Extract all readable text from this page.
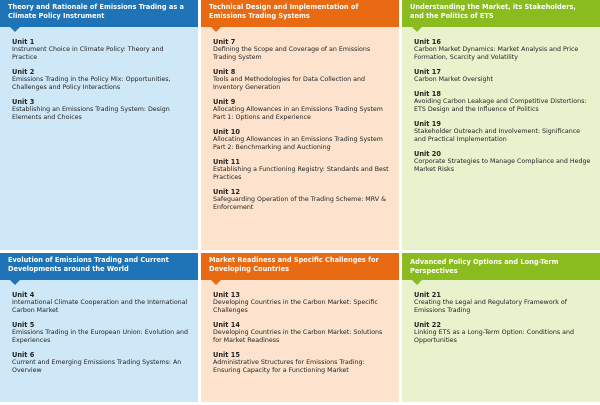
Theory and Rationale of Emissions Trading as a Climate Policy Instrument
Unit 1
Instrument Choice in Climate Policy: Theory and Practice
Unit 2
Emissions Trading in the Policy Mix: Opportunities, Challenges and Policy Interactions
Unit 3
Establishing an Emissions Trading System: Design Elements and Choices
Technical Design and Implementation of Emissions Trading Systems
Unit 7
Defining the Scope and Coverage of an Emissions Trading System
Unit 8
Tools and Methodologies for Data Collection and Inventory Generation
Unit 9
Allocating Allowances in an Emissions Trading System Part 1: Options and Experience
Unit 10
Allocating Allowances in an Emissions Trading System Part 2: Benchmarking and Auctioning
Unit 11
Establishing a Functioning Registry: Standards and Best Practices
Unit 12
Safeguarding Operation of the Trading Scheme: MRV & Enforcement
Understanding the Market, its Stakeholders, and the Politics of ETS
Unit 16
Carbon Market Dynamics: Market Analysis and Price Formation, Scarcity and Volatility
Unit 17
Carbon Market Oversight
Unit 18
Avoiding Carbon Leakage and Competitive Distortions: ETS Design and the Influence of Politics
Unit 19
Stakeholder Outreach and Involvement: Significance and Practical Implementation
Unit 20
Corporate Strategies to Manage Compliance and Hedge Market Risks
Evolution of Emissions Trading and Current Developments around the World
Unit 4
International Climate Cooperation and the International Carbon Market
Unit 5
Emissions Trading in the European Union: Evolution and Experiences
Unit 6
Current and Emerging Emissions Trading Systems: An Overview
Market Readiness and Specific Challenges for Developing Countries
Unit 13
Developing Countries in the Carbon Market: Specific Challenges
Unit 14
Developing Countries in the Carbon Market: Solutions for Market Readiness
Unit 15
Administrative Structures for Emissions Trading: Ensuring Capacity for a Functioning Market
Advanced Policy Options and Long-Term Perspectives
Unit 21
Creating the Legal and Regulatory Framework of Emissions Trading
Unit 22
Linking ETS as a Long-Term Option: Conditions and Opportunities
